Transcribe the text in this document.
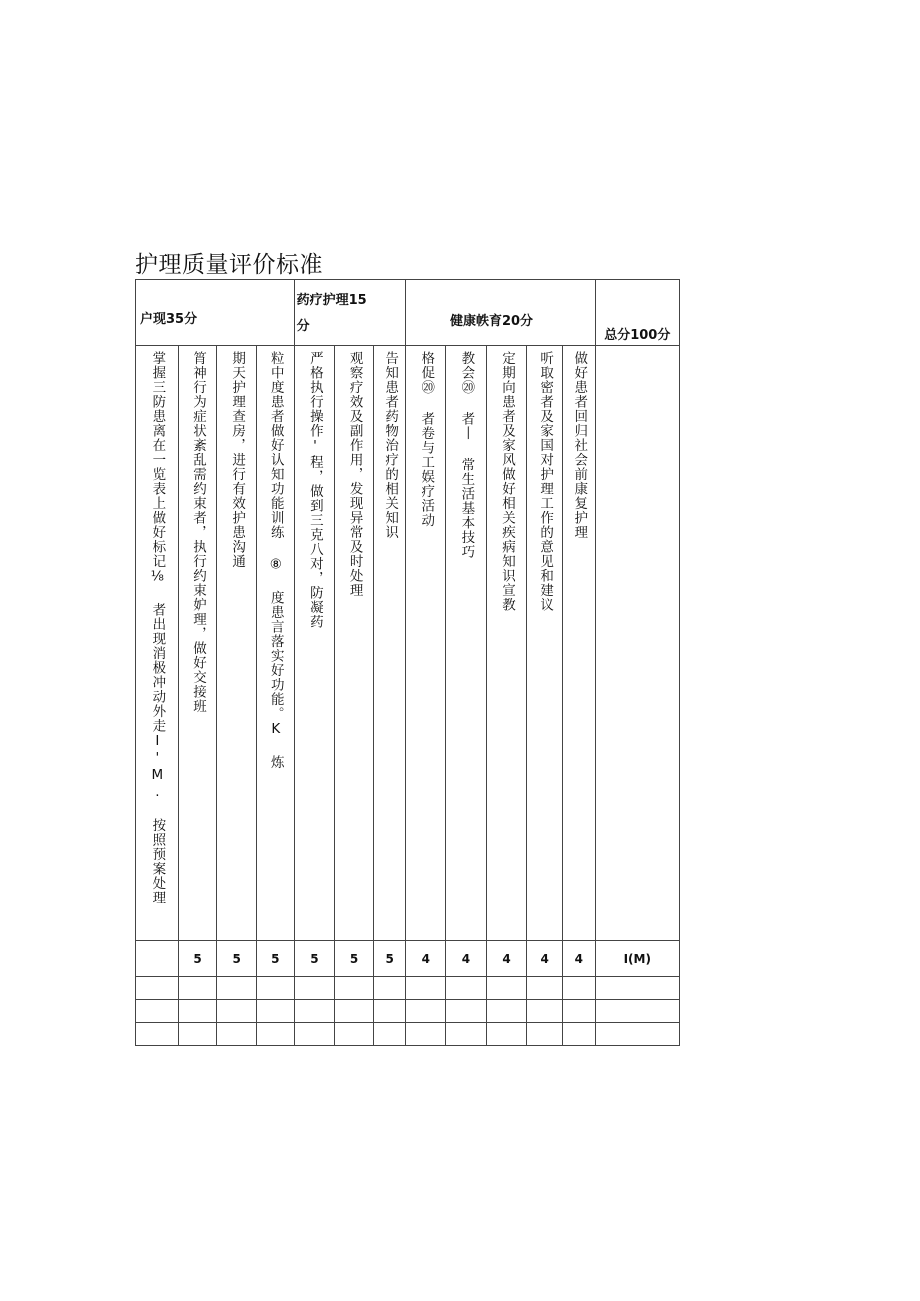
护理质量评价标准
户现35分				药疗护理15
分			健康帙育20分					总分100分

掌握三防患离在一览表上做好标记⅛ 者出现消极冲动外走I'M. 按照预案处理	筲神行为症状紊乱需约束者，执行约束妒理，做好交接班	期天护理查房，进行有效护患沟通	粒中度患者做好认知功能训练 ⑧ 度患言落实好功能。K 炼	严格执行操作'程，做到三克八对，防凝药	观察疗效及副作用，发现异常及时处理	告知患者药物治疗的相关知识	格促⑳ 者卷与工娱疗活动	教会⑳ 者丨 常生活基本技巧	定期向患者及家风做好相关疾病知识宣教	听取密者及家国对护理工作的意见和建议	做好患者回归社会前康复护理	

	5	5	5	5	5	5	4	4	4	4	4	I(M)
